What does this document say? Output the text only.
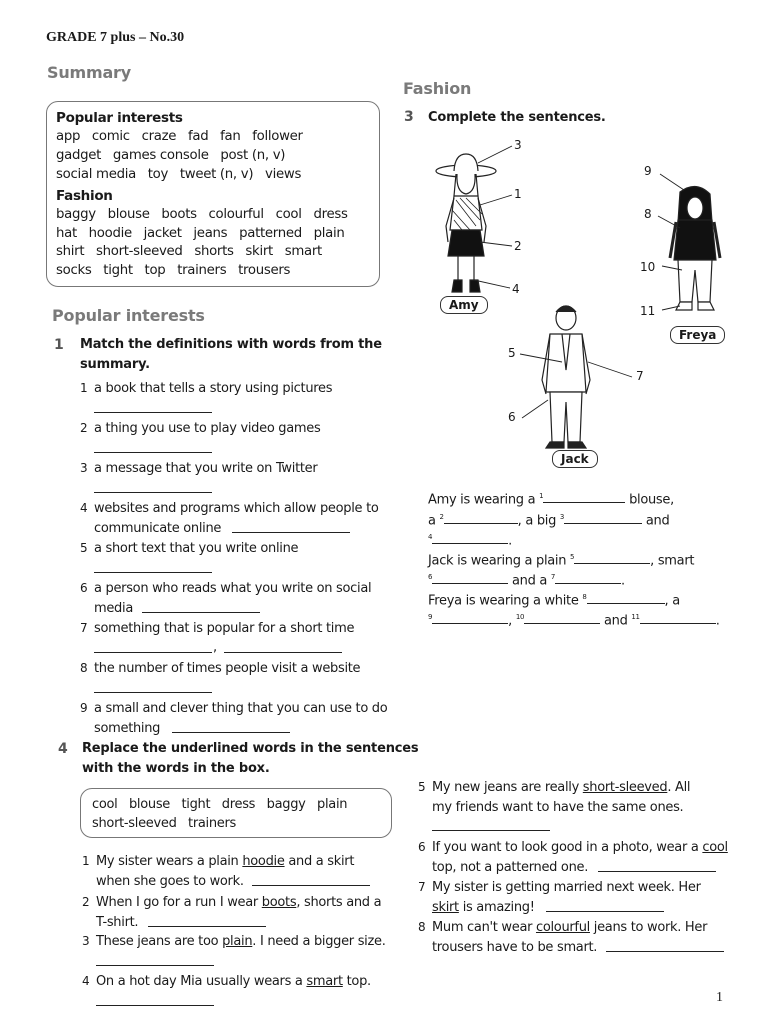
GRADE 7 plus – No.30
Summary
Popular interests
app   comic   craze   fad   fan   follower
gadget   games console   post (n, v)
social media   toy   tweet (n, v)   views
Fashion
baggy   blouse   boots   colourful   cool   dress
hat   hoodie   jacket   jeans   patterned   plain
shirt   short-sleeved   shorts   skirt   smart
socks   tight   top   trainers   trousers
Popular interests
1 Match the definitions with words from the
summary.
1 a book that tells a story using pictures
2 a thing you use to play video games
3 a message that you write on Twitter
4 websites and programs which allow people to
communicate online
5 a short text that you write online
6 a person who reads what you write on social
media
7 something that is popular for a short time
,
8 the number of times people visit a website
9 a small and clever thing that you can use to do
something
4 Replace the underlined words in the sentences
with the words in the box.
cool   blouse   tight   dress   baggy   plain
short-sleeved   trainers
1 My sister wears a plain hoodie and a skirt
when she goes to work.
2 When I go for a run I wear boots, shorts and a
T-shirt.
3 These jeans are too plain. I need a bigger size.
4 On a hot day Mia usually wears a smart top.
Fashion
3 Complete the sentences.
3
1
2
4
5
7
6
9
8
10
11
Amy
Jack
Freya
Amy is wearing a $^1$	blouse,
a $^2$	, a big $^3$	and
$^4$	.
Jack is wearing a plain $^5$	, smart
$^6$	and a $^7$	.
Freya is wearing a white $^8$	, a
$^9$	, $^{10}$	and $^{11}$	.
5 My new jeans are really short-sleeved. All
my friends want to have the same ones.
6 If you want to look good in a photo, wear a cool
top, not a patterned one.
7 My sister is getting married next week. Her
skirt is amazing!
8 Mum can't wear colourful jeans to work. Her
trousers have to be smart.
1
